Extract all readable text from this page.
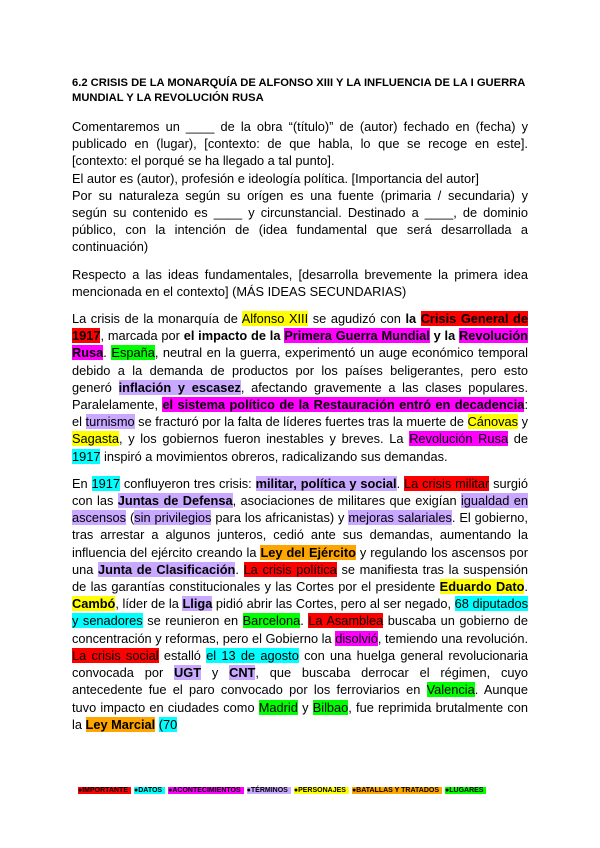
6.2 CRISIS DE LA MONARQUÍA DE ALFONSO XIII Y LA INFLUENCIA DE LA I GUERRA MUNDIAL Y LA REVOLUCIÓN RUSA

Comentaremos un ____ de la obra “(título)” de (autor) fechado en (fecha) y publicado en (lugar), [contexto: de que habla, lo que se recoge en este]. [contexto: el porqué se ha llegado a tal punto].

El autor es (autor), profesión e ideología política. [Importancia del autor]

Por su naturaleza según su orígen es una fuente (primaria / secundaria) y según su contenido es ____ y circunstancial. Destinado a ____, de dominio público, con la intención de (idea fundamental que será desarrollada a continuación)

Respecto a las ideas fundamentales, [desarrolla brevemente la primera idea mencionada en el contexto] (MÁS IDEAS SECUNDARIAS)

La crisis de la monarquía de Alfonso XIII se agudizó con la Crisis General de 1917, marcada por el impacto de la Primera Guerra Mundial y la Revolución Rusa. España, neutral en la guerra, experimentó un auge económico temporal debido a la demanda de productos por los países beligerantes, pero esto generó inflación y escasez, afectando gravemente a las clases populares. Paralelamente, el sistema político de la Restauración entró en decadencia: el turnismo se fracturó por la falta de líderes fuertes tras la muerte de Cánovas y Sagasta, y los gobiernos fueron inestables y breves. La Revolución Rusa de 1917 inspiró a movimientos obreros, radicalizando sus demandas.

En 1917 confluyeron tres crisis: militar, política y social. La crisis militar surgió con las Juntas de Defensa, asociaciones de militares que exigían igualdad en ascensos (sin privilegios para los africanistas) y mejoras salariales. El gobierno, tras arrestar a algunos junteros, cedió ante sus demandas, aumentando la influencia del ejército creando la Ley del Ejército y regulando los ascensos por una Junta de Clasificación. La crisis política se manifiesta tras la suspensión de las garantías constitucionales y las Cortes por el presidente Eduardo Dato. Cambó, líder de la Lliga pidió abrir las Cortes, pero al ser negado, 68 diputados y senadores se reunieron en Barcelona. La Asamblea buscaba un gobierno de concentración y reformas, pero el Gobierno la disolvió, temiendo una revolución. La crisis social estalló el 13 de agosto con una huelga general revolucionaria convocada por UGT y CNT, que buscaba derrocar el régimen, cuyo antecedente fue el paro convocado por los ferroviarios en Valencia. Aunque tuvo impacto en ciudades como Madrid y Bilbao, fue reprimida brutalmente con la Ley Marcial (70

●IMPORTANTE ●DATOS ●ACONTECIMIENTOS ●TÉRMINOS ●PERSONAJES ●BATALLAS Y TRATADOS ●LUGARES
